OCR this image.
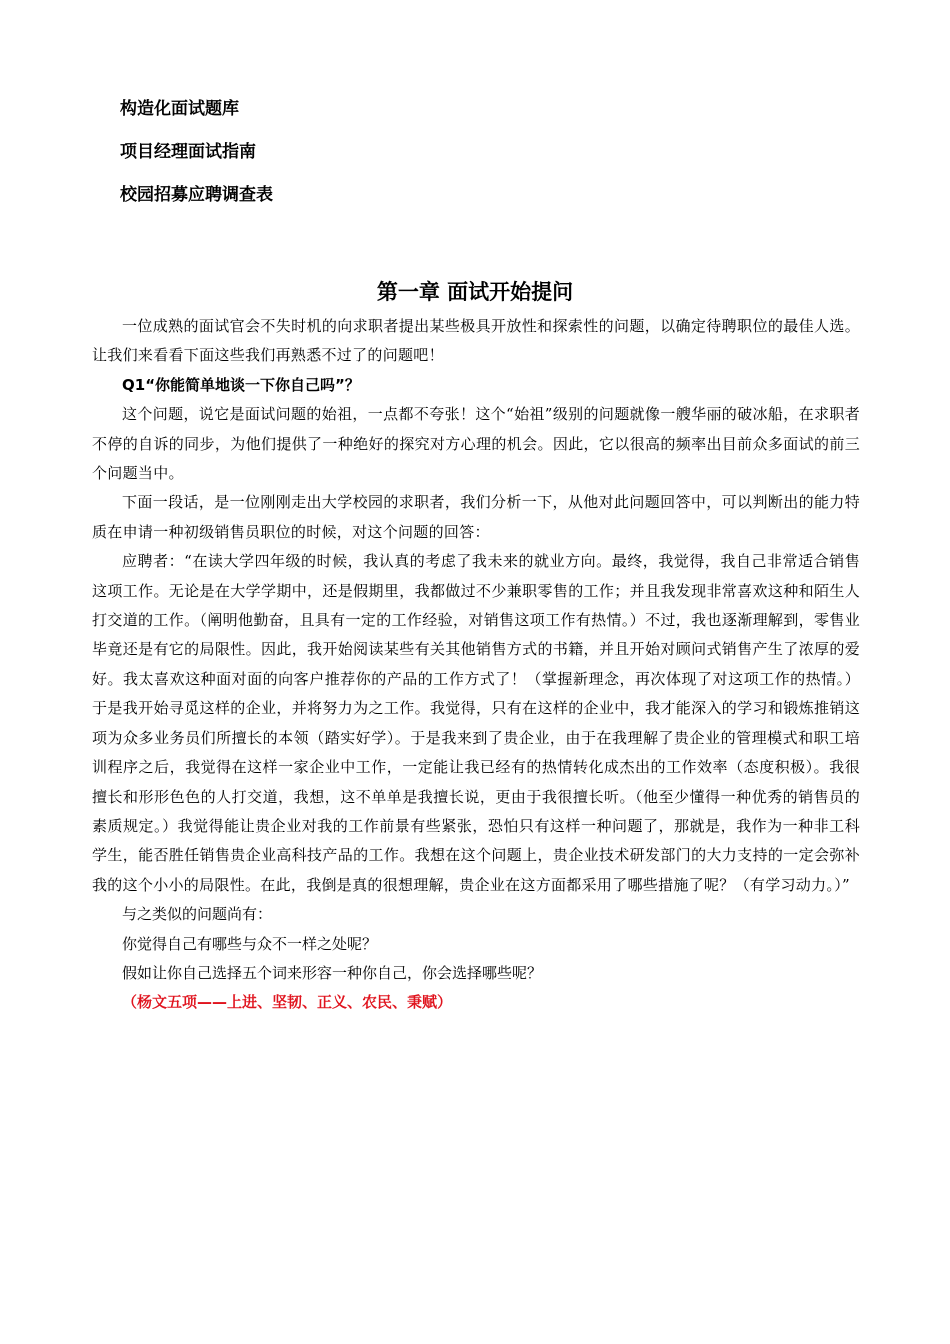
构造化面试题库
项目经理面试指南
校园招募应聘调查表
第一章 面试开始提问

一位成熟的面试官会不失时机的向求职者提出某些极具开放性和探索性的问题，以确定待聘职位的最佳人选。让我们来看看下面这些我们再熟悉不过了的问题吧！

Q1“你能简单地谈一下你自己吗”？

这个问题，说它是面试问题的始祖，一点都不夸张！这个“始祖”级别的问题就像一艘华丽的破冰船，在求职者不停的自诉的同步，为他们提供了一种绝好的探究对方心理的机会。因此，它以很高的频率出目前众多面试的前三个问题当中。

下面一段话，是一位刚刚走出大学校园的求职者，我们分析一下，从他对此问题回答中，可以判断出的能力特质在申请一种初级销售员职位的时候，对这个问题的回答：

应聘者：“在读大学四年级的时候，我认真的考虑了我未来的就业方向。最终，我觉得，我自己非常适合销售这项工作。无论是在大学学期中，还是假期里，我都做过不少兼职零售的工作；并且我发现非常喜欢这种和陌生人打交道的工作。（阐明他勤奋，且具有一定的工作经验，对销售这项工作有热情。）不过，我也逐渐理解到，零售业毕竟还是有它的局限性。因此，我开始阅读某些有关其他销售方式的书籍，并且开始对顾问式销售产生了浓厚的爱好。我太喜欢这种面对面的向客户推荐你的产品的工作方式了！（掌握新理念，再次体现了对这项工作的热情。）于是我开始寻觅这样的企业，并将努力为之工作。我觉得，只有在这样的企业中，我才能深入的学习和锻炼推销这项为众多业务员们所擅长的本领（踏实好学）。于是我来到了贵企业，由于在我理解了贵企业的管理模式和职工培训程序之后，我觉得在这样一家企业中工作，一定能让我已经有的热情转化成杰出的工作效率（态度积极）。我很擅长和形形色色的人打交道，我想，这不单单是我擅长说，更由于我很擅长听。（他至少懂得一种优秀的销售员的素质规定。）我觉得能让贵企业对我的工作前景有些紧张，恐怕只有这样一种问题了，那就是，我作为一种非工科学生，能否胜任销售贵企业高科技产品的工作。我想在这个问题上，贵企业技术研发部门的大力支持的一定会弥补我的这个小小的局限性。在此，我倒是真的很想理解，贵企业在这方面都采用了哪些措施了呢？（有学习动力。）”

与之类似的问题尚有：

你觉得自己有哪些与众不一样之处呢？

假如让你自己选择五个词来形容一种你自己，你会选择哪些呢？

（杨文五项——上进、坚韧、正义、农民、秉赋）
